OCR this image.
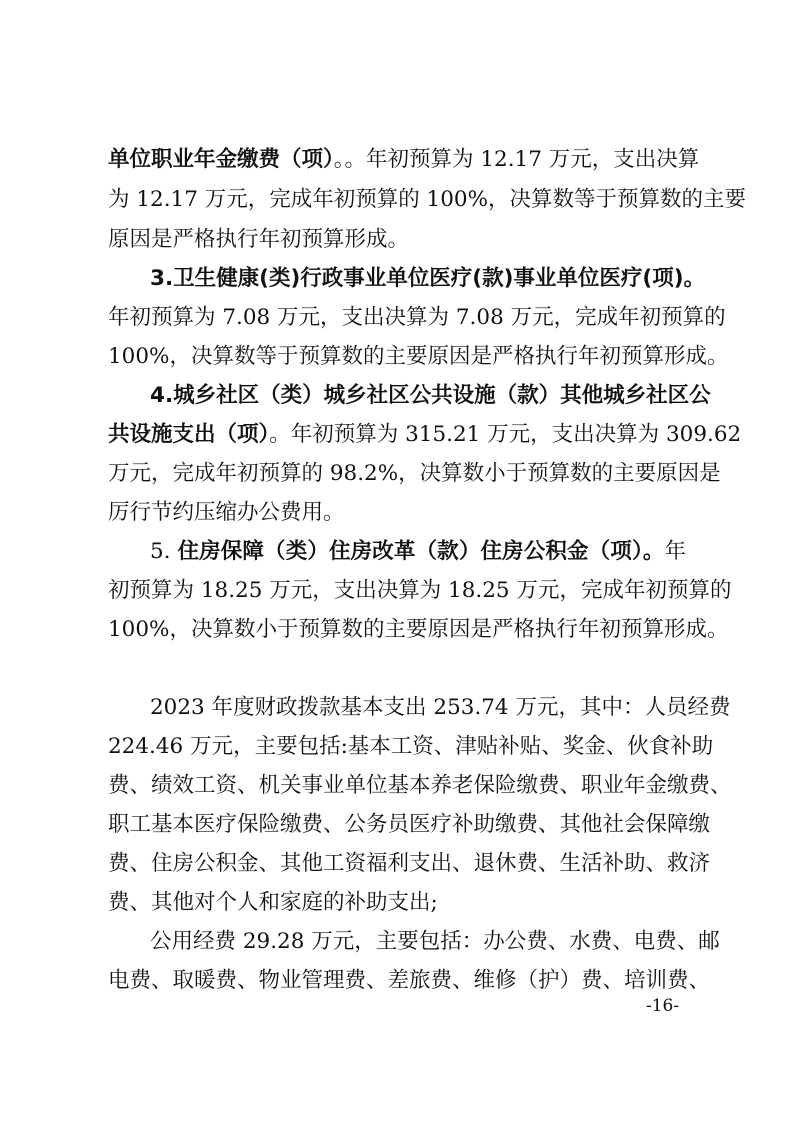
单位职业年金缴费（项）。。年初预算为 12.17 万元，支出决算
为 12.17 万元，完成年初预算的 100%，决算数等于预算数的主要
原因是严格执行年初预算形成。
3.卫生健康(类)行政事业单位医疗(款)事业单位医疗(项)。
年初预算为 7.08 万元，支出决算为 7.08 万元，完成年初预算的
100%，决算数等于预算数的主要原因是严格执行年初预算形成。
4.城乡社区（类）城乡社区公共设施（款）其他城乡社区公
共设施支出（项）。年初预算为 315.21 万元，支出决算为 309.62
万元，完成年初预算的 98.2%，决算数小于预算数的主要原因是
厉行节约压缩办公费用。
5. 住房保障（类）住房改革（款）住房公积金（项）。年
初预算为 18.25 万元，支出决算为 18.25 万元，完成年初预算的
100%，决算数小于预算数的主要原因是严格执行年初预算形成。
2023 年度财政拨款基本支出 253.74 万元，其中：人员经费
224.46 万元，主要包括:基本工资、津贴补贴、奖金、伙食补助
费、绩效工资、机关事业单位基本养老保险缴费、职业年金缴费、
职工基本医疗保险缴费、公务员医疗补助缴费、其他社会保障缴
费、住房公积金、其他工资福利支出、退休费、生活补助、救济
费、其他对个人和家庭的补助支出;
公用经费 29.28 万元，主要包括：办公费、水费、电费、邮
电费、取暖费、物业管理费、差旅费、维修（护）费、培训费、
-16-
